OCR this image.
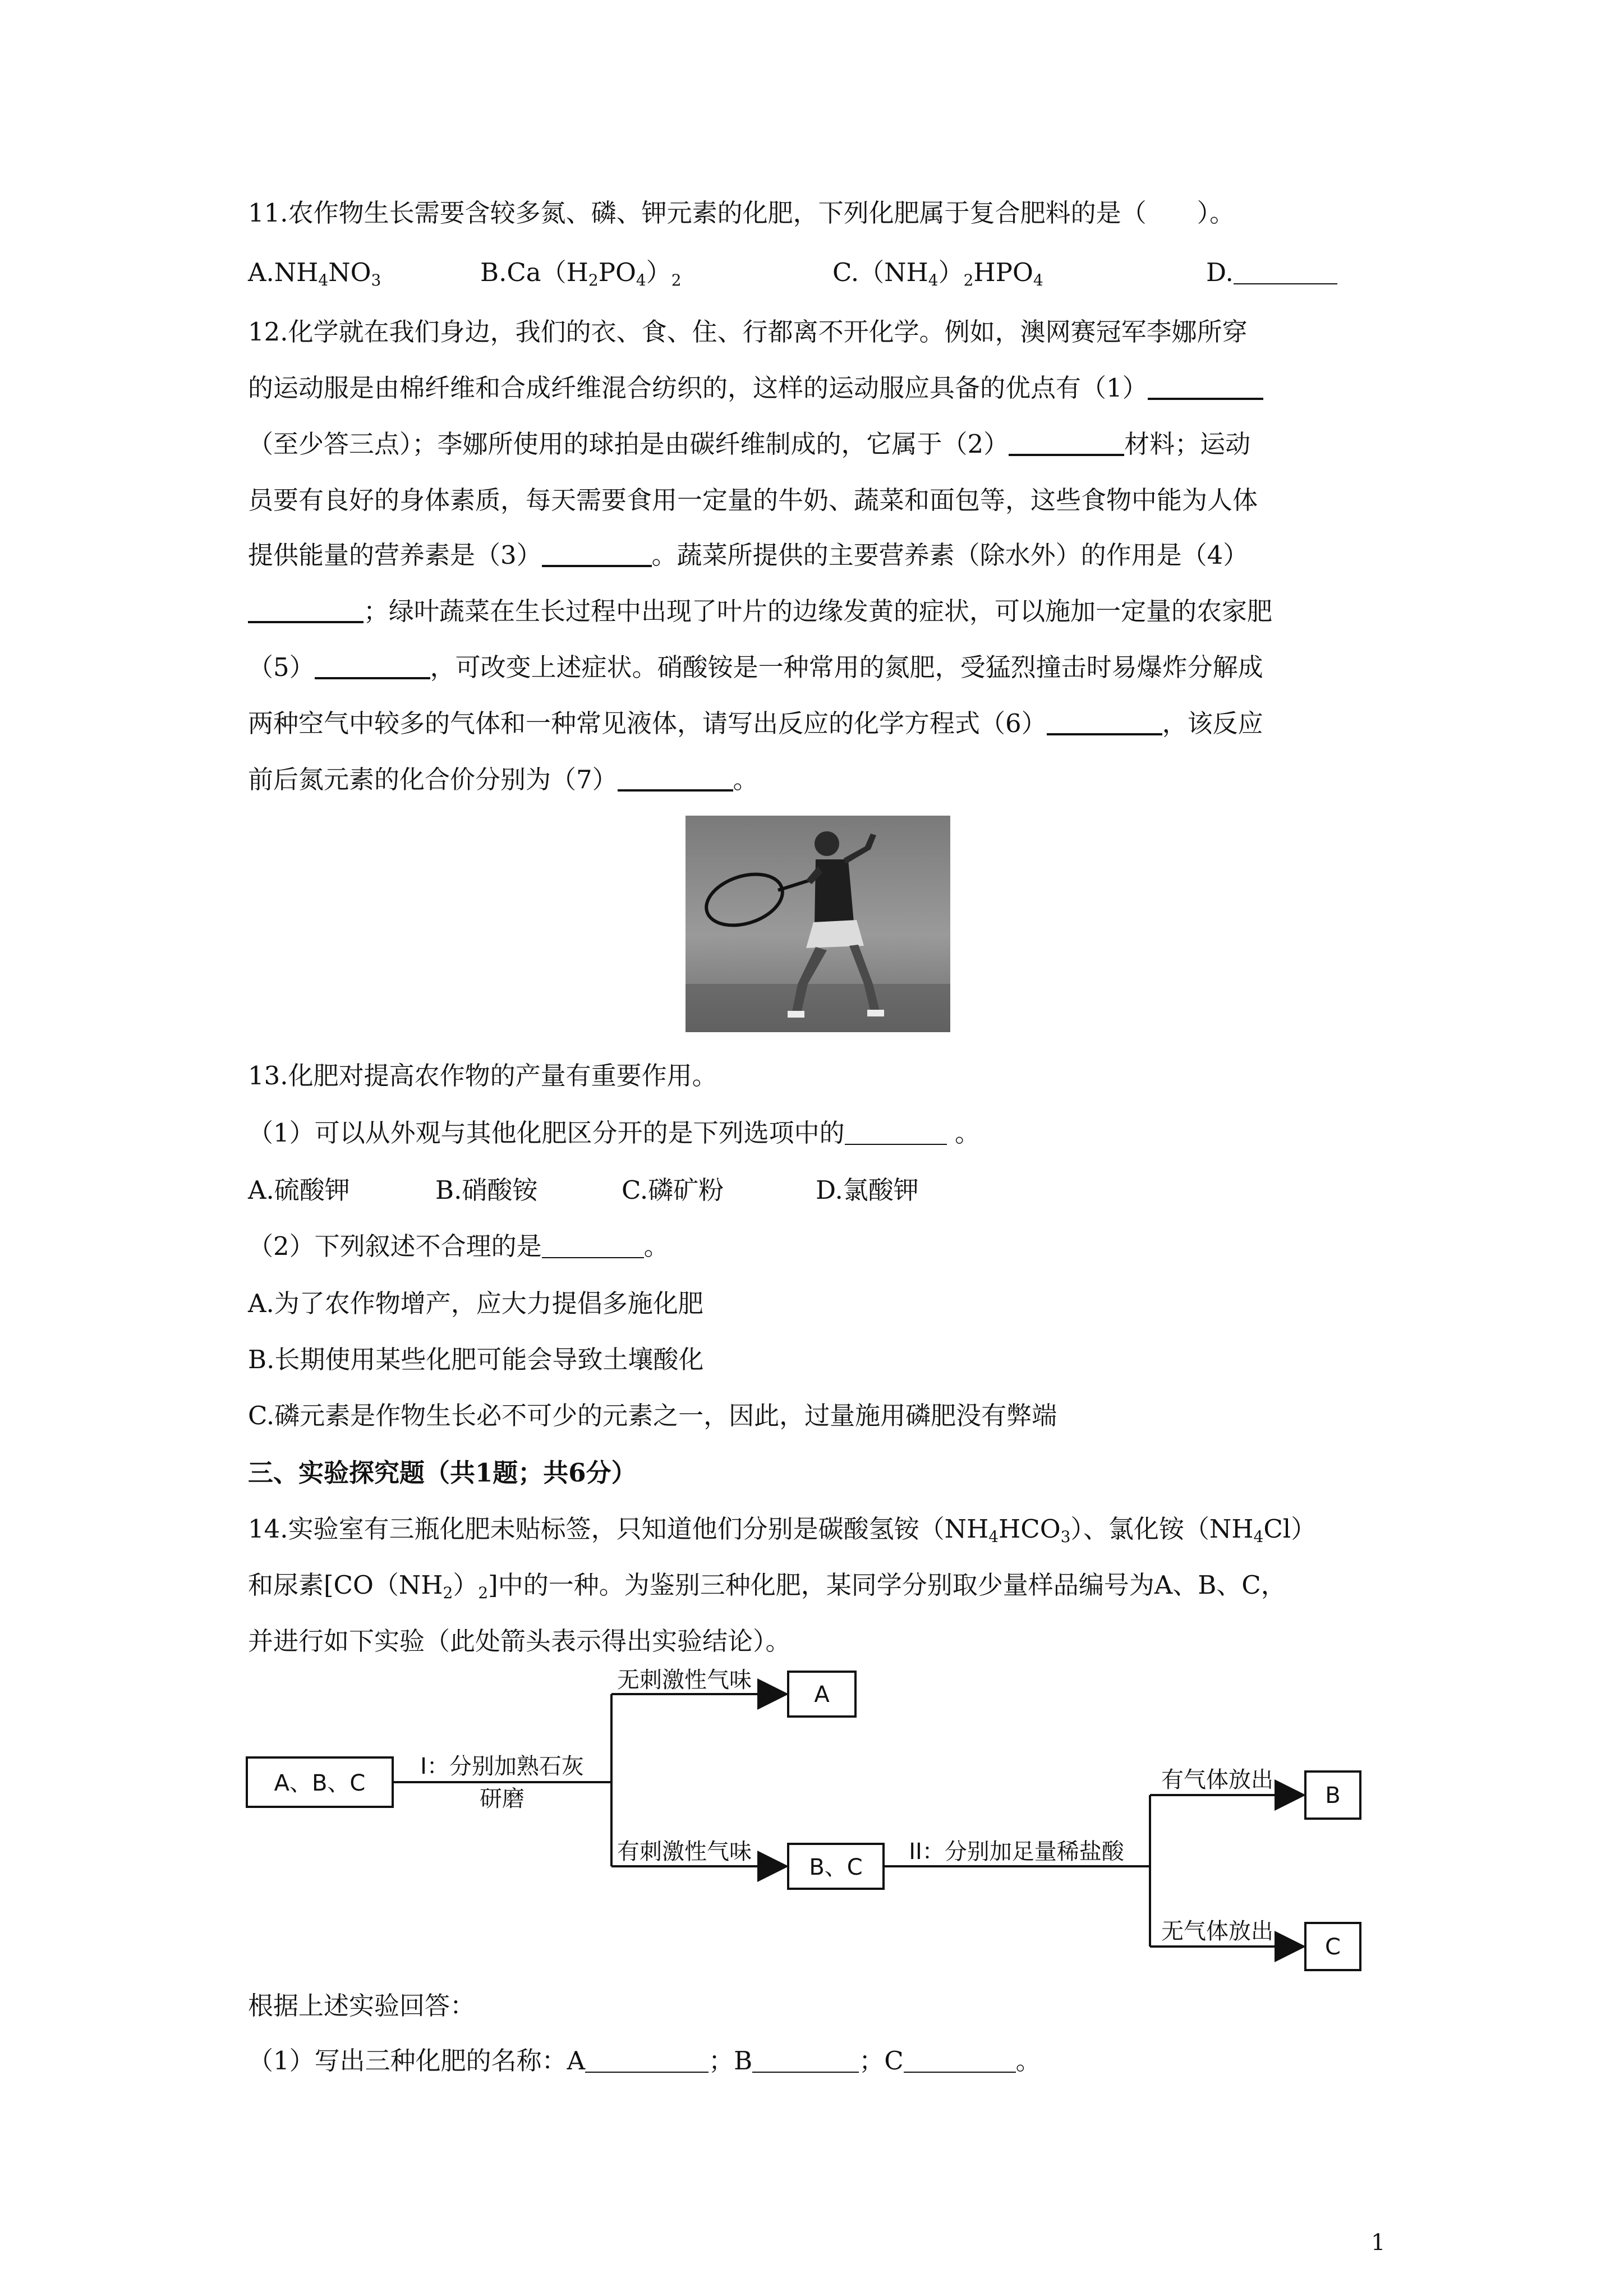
11.农作物生长需要含较多氮、磷、钾元素的化肥，下列化肥属于复合肥料的是（　　）。
$A.NH_4NO_3$	$B.Ca(H_2PO_4)_2$	$C.(NH_4)_2HPO_4$	D.
12.化学就在我们身边，我们的衣、食、住、行都离不开化学。例如，澳网赛冠军李娜所穿
的运动服是由棉纤维和合成纤维混合纺织的，这样的运动服应具备的优点有（1）
（至少答三点）；李娜所使用的球拍是由碳纤维制成的，它属于（2）	材料；运动
员要有良好的身体素质，每天需要食用一定量的牛奶、蔬菜和面包等，这些食物中能为人体
提供能量的营养素是（3）	。蔬菜所提供的主要营养素（除水外）的作用是（4）
；绿叶蔬菜在生长过程中出现了叶片的边缘发黄的症状，可以施加一定量的农家肥
（5）	，可改变上述症状。硝酸铵是一种常用的氮肥，受猛烈撞击时易爆炸分解成
两种空气中较多的气体和一种常见液体，请写出反应的化学方程式（6）	，该反应
前后氮元素的化合价分别为（7）	。
13.化肥对提高农作物的产量有重要作用。
（1）可以从外观与其他化肥区分开的是下列选项中的	。
A.硫酸钾	B.硝酸铵	C.磷矿粉	D.氯酸钾
（2）下列叙述不合理的是	。
A.为了农作物增产，应大力提倡多施化肥
B.长期使用某些化肥可能会导致土壤酸化
C.磷元素是作物生长必不可少的元素之一，因此，过量施用磷肥没有弊端
三、实验探究题（共1题；共6分）
14.实验室有三瓶化肥未贴标签，只知道他们分别是碳酸氢铵$(NH_4HCO_3)$、氯化铵$(NH_4Cl)$
和尿素$[CO(NH_2)_2]$中的一种。为鉴别三种化肥，某同学分别取少量样品编号为A、B、C，
并进行如下实验（此处箭头表示得出实验结论）。
A、B、C
I：分别加熟石灰
研磨
无刺激性气味
A
有刺激性气味
B、C
II：分别加足量稀盐酸
有气体放出
B
无气体放出
C
根据上述实验回答：
（1）写出三种化肥的名称：A	；B	；C	。
1
